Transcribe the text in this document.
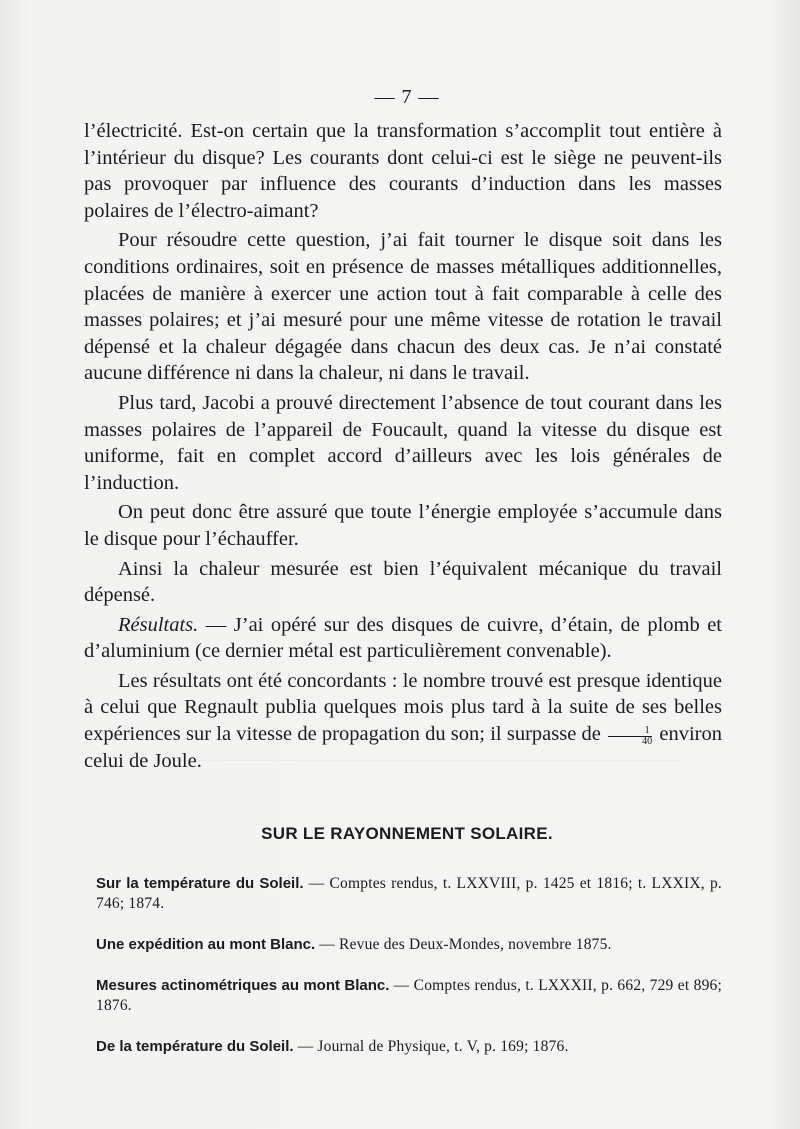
— 7 —

l’électricité. Est-on certain que la transformation s’accomplit tout entière à l’intérieur du disque? Les courants dont celui-ci est le siège ne peuvent-ils pas provoquer par influence des courants d’induction dans les masses polaires de l’électro-aimant?

Pour résoudre cette question, j’ai fait tourner le disque soit dans les conditions ordinaires, soit en présence de masses métalliques additionnelles, placées de manière à exercer une action tout à fait comparable à celle des masses polaires; et j’ai mesuré pour une même vitesse de rotation le travail dépensé et la chaleur dégagée dans chacun des deux cas. Je n’ai constaté aucune différence ni dans la chaleur, ni dans le travail.

Plus tard, Jacobi a prouvé directement l’absence de tout courant dans les masses polaires de l’appareil de Foucault, quand la vitesse du disque est uniforme, fait en complet accord d’ailleurs avec les lois générales de l’induction.

On peut donc être assuré que toute l’énergie employée s’accumule dans le disque pour l’échauffer.

Ainsi la chaleur mesurée est bien l’équivalent mécanique du travail dépensé.

Résultats. — J’ai opéré sur des disques de cuivre, d’étain, de plomb et d’aluminium (ce dernier métal est particulièrement convenable).

Les résultats ont été concordants : le nombre trouvé est presque identique à celui que Regnault publia quelques mois plus tard à la suite de ses belles expériences sur la vitesse de propagation du son; il surpasse de $\frac{1}{40}$ environ celui de Joule.

SUR LE RAYONNEMENT SOLAIRE.
Sur la température du Soleil. — Comptes rendus, t. LXXVIII, p. 1425 et 1816; t. LXXIX, p. 746; 1874.
Une expédition au mont Blanc. — Revue des Deux-Mondes, novembre 1875.
Mesures actinométriques au mont Blanc. — Comptes rendus, t. LXXXII, p. 662, 729 et 896; 1876.
De la température du Soleil. — Journal de Physique, t. V, p. 169; 1876.
